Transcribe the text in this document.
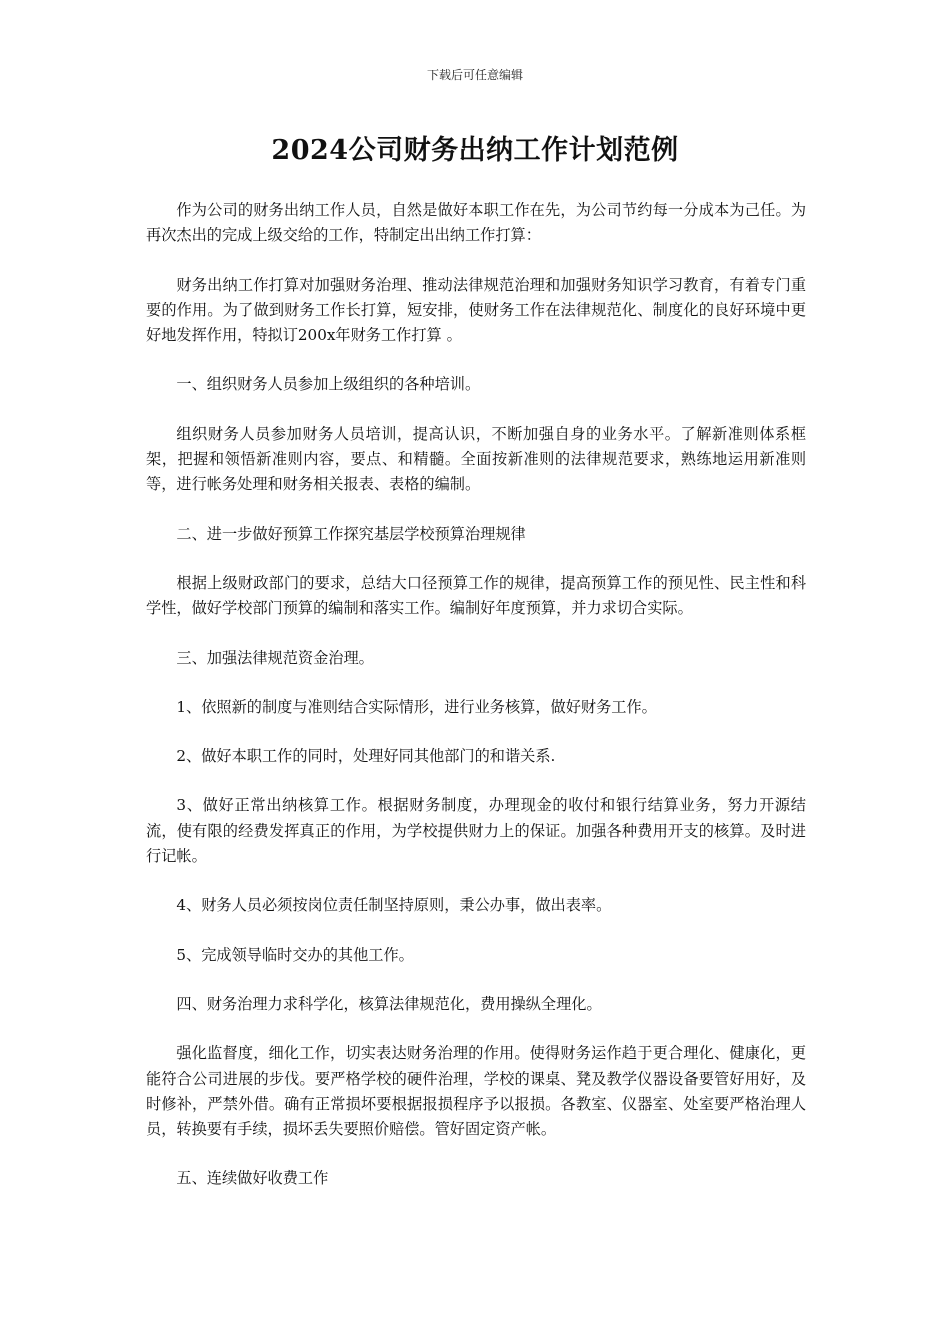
下载后可任意编辑
2024公司财务出纳工作计划范例

作为公司的财务出纳工作人员，自然是做好本职工作在先，为公司节约每一分成本为己任。为再次杰出的完成上级交给的工作，特制定出出纳工作打算：

财务出纳工作打算对加强财务治理、推动法律规范治理和加强财务知识学习教育，有着专门重要的作用。为了做到财务工作长打算，短安排，使财务工作在法律规范化、制度化的良好环境中更好地发挥作用，特拟订200x年财务工作打算 。

一、组织财务人员参加上级组织的各种培训。

组织财务人员参加财务人员培训，提高认识，不断加强自身的业务水平。了解新准则体系框架，把握和领悟新准则内容，要点、和精髓。全面按新准则的法律规范要求，熟练地运用新准则等，进行帐务处理和财务相关报表、表格的编制。

二、进一步做好预算工作探究基层学校预算治理规律

根据上级财政部门的要求，总结大口径预算工作的规律，提高预算工作的预见性、民主性和科学性，做好学校部门预算的编制和落实工作。编制好年度预算，并力求切合实际。

三、加强法律规范资金治理。

1、依照新的制度与准则结合实际情形，进行业务核算，做好财务工作。

2、做好本职工作的同时，处理好同其他部门的和谐关系.

3、做好正常出纳核算工作。根据财务制度，办理现金的收付和银行结算业务，努力开源结流，使有限的经费发挥真正的作用，为学校提供财力上的保证。加强各种费用开支的核算。及时进行记帐。

4、财务人员必须按岗位责任制坚持原则，秉公办事，做出表率。

5、完成领导临时交办的其他工作。

四、财务治理力求科学化，核算法律规范化，费用操纵全理化。

强化监督度，细化工作，切实表达财务治理的作用。使得财务运作趋于更合理化、健康化，更能符合公司进展的步伐。要严格学校的硬件治理，学校的课桌、凳及教学仪器设备要管好用好，及时修补，严禁外借。确有正常损坏要根据报损程序予以报损。各教室、仪器室、处室要严格治理人员，转换要有手续，损坏丢失要照价赔偿。管好固定资产帐。

五、连续做好收费工作
